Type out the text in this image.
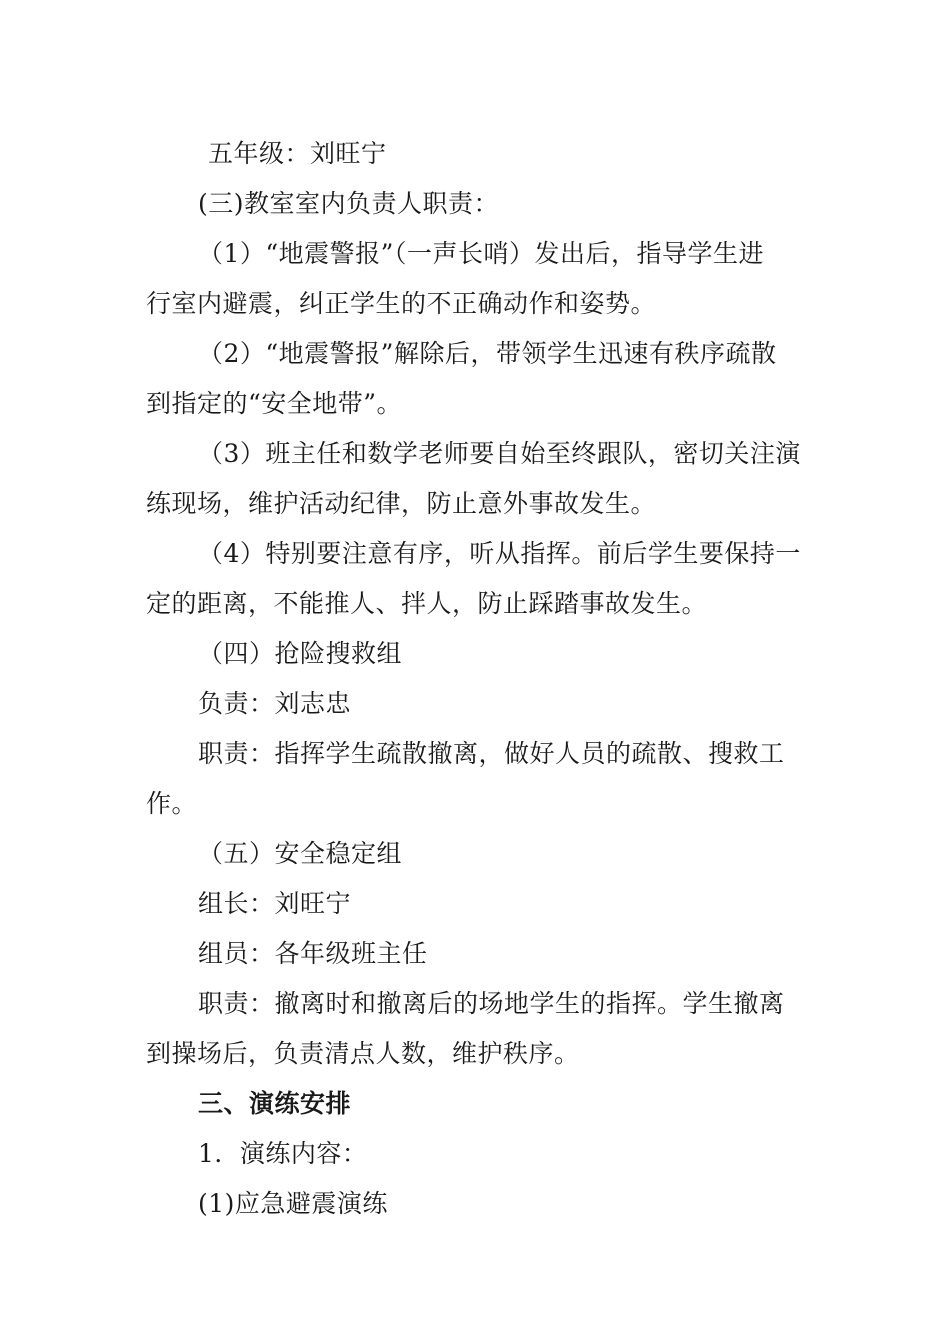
五年级：刘旺宁
(三)教室室内负责人职责：
（1）“地震警报”（一声长哨）发出后，指导学生进
行室内避震，纠正学生的不正确动作和姿势。
（2）“地震警报”解除后，带领学生迅速有秩序疏散
到指定的“安全地带”。
（3）班主任和数学老师要自始至终跟队，密切关注演
练现场，维护活动纪律，防止意外事故发生。
（4）特别要注意有序，听从指挥。前后学生要保持一
定的距离，不能推人、拌人，防止踩踏事故发生。
（四）抢险搜救组
负责：刘志忠
职责：指挥学生疏散撤离，做好人员的疏散、搜救工
作。
（五）安全稳定组
组长：刘旺宁
组员：各年级班主任
职责：撤离时和撤离后的场地学生的指挥。学生撤离
到操场后，负责清点人数，维护秩序。
三、演练安排
1．演练内容：
(1)应急避震演练
